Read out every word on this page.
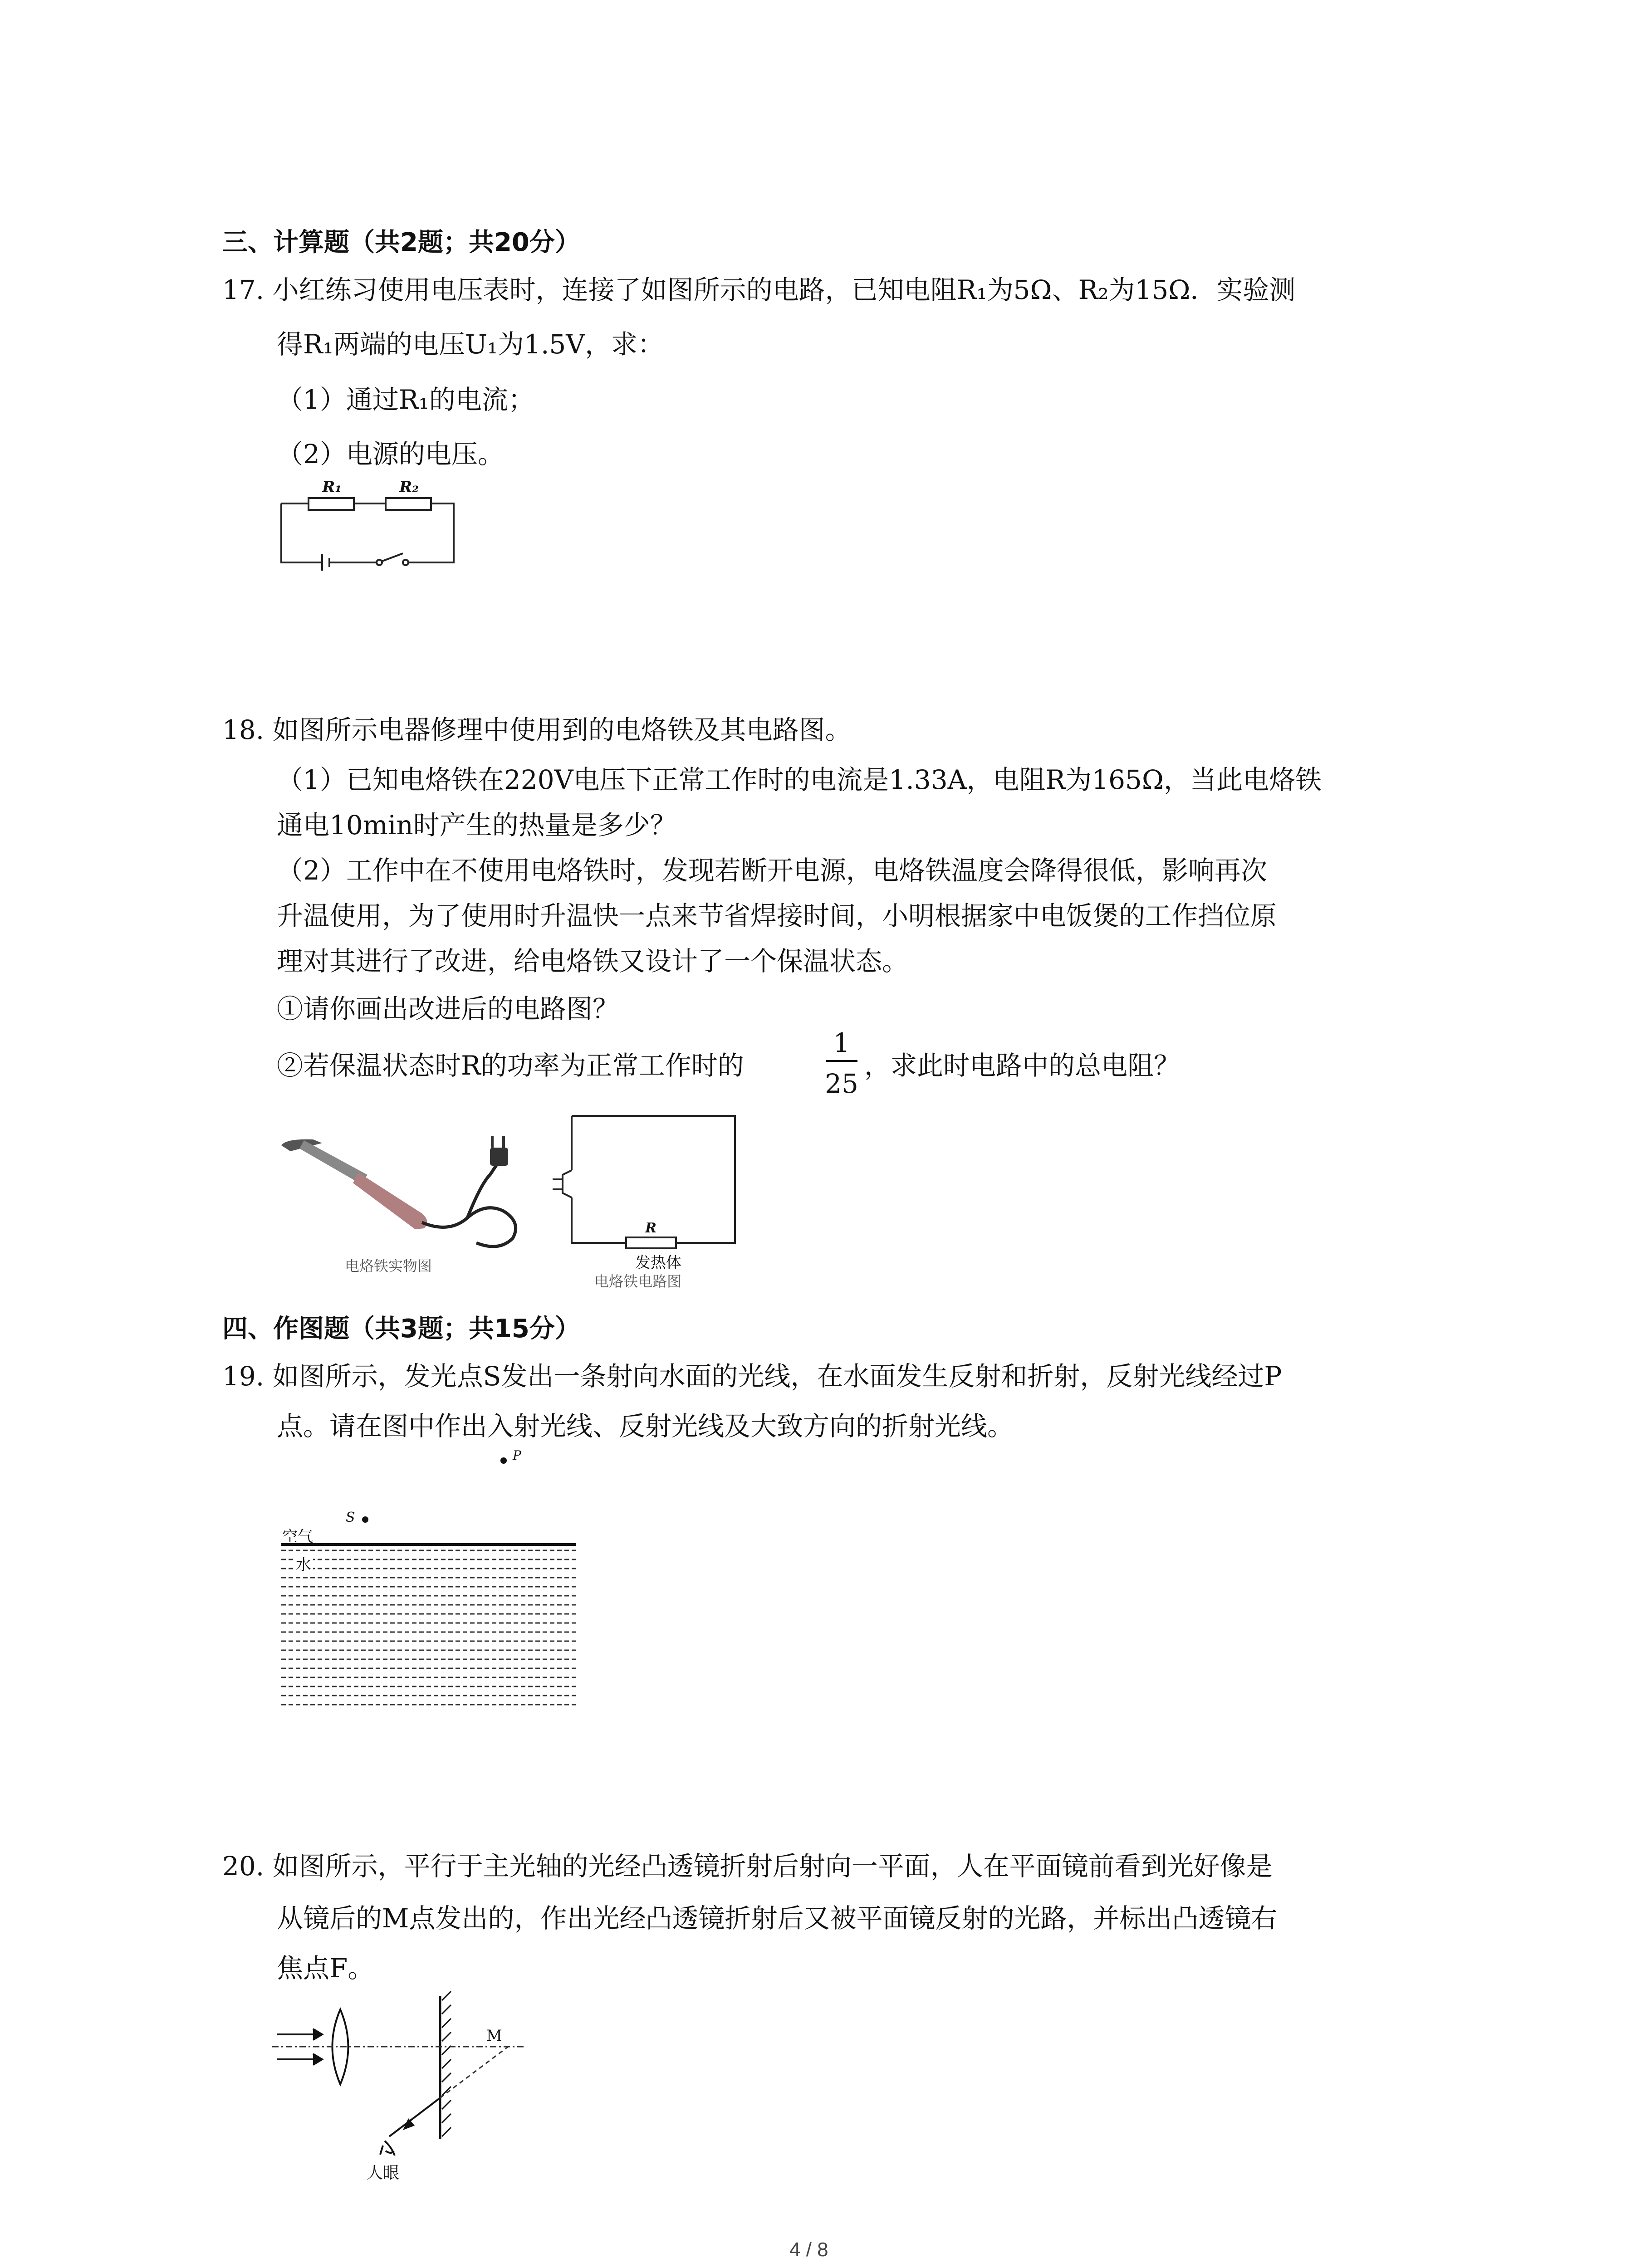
三、计算题（共2题；共20分）
17. 小红练习使用电压表时，连接了如图所示的电路，已知电阻R₁为5Ω、R₂为15Ω．实验测
得R₁两端的电压U₁为1.5V，求：
（1）通过R₁的电流；
（2）电源的电压。
R₁	R₂
18. 如图所示电器修理中使用到的电烙铁及其电路图。
（1）已知电烙铁在220V电压下正常工作时的电流是1.33A，电阻R为165Ω，当此电烙铁
通电10min时产生的热量是多少？
（2）工作中在不使用电烙铁时，发现若断开电源，电烙铁温度会降得很低，影响再次
升温使用，为了使用时升温快一点来节省焊接时间，小明根据家中电饭煲的工作挡位原
理对其进行了改进，给电烙铁又设计了一个保温状态。
①请你画出改进后的电路图？
②若保温状态时R的功率为正常工作时的
1
25
，求此时电路中的总电阻？
电烙铁实物图
R
发热体
电烙铁电路图
四、作图题（共3题；共15分）
19. 如图所示，发光点S发出一条射向水面的光线，在水面发生反射和折射，反射光线经过P
点。请在图中作出入射光线、反射光线及大致方向的折射光线。
P
S
空气
水
20. 如图所示，平行于主光轴的光经凸透镜折射后射向一平面，人在平面镜前看到光好像是
从镜后的M点发出的，作出光经凸透镜折射后又被平面镜反射的光路，并标出凸透镜右
焦点F。
M
人眼
4 / 8
